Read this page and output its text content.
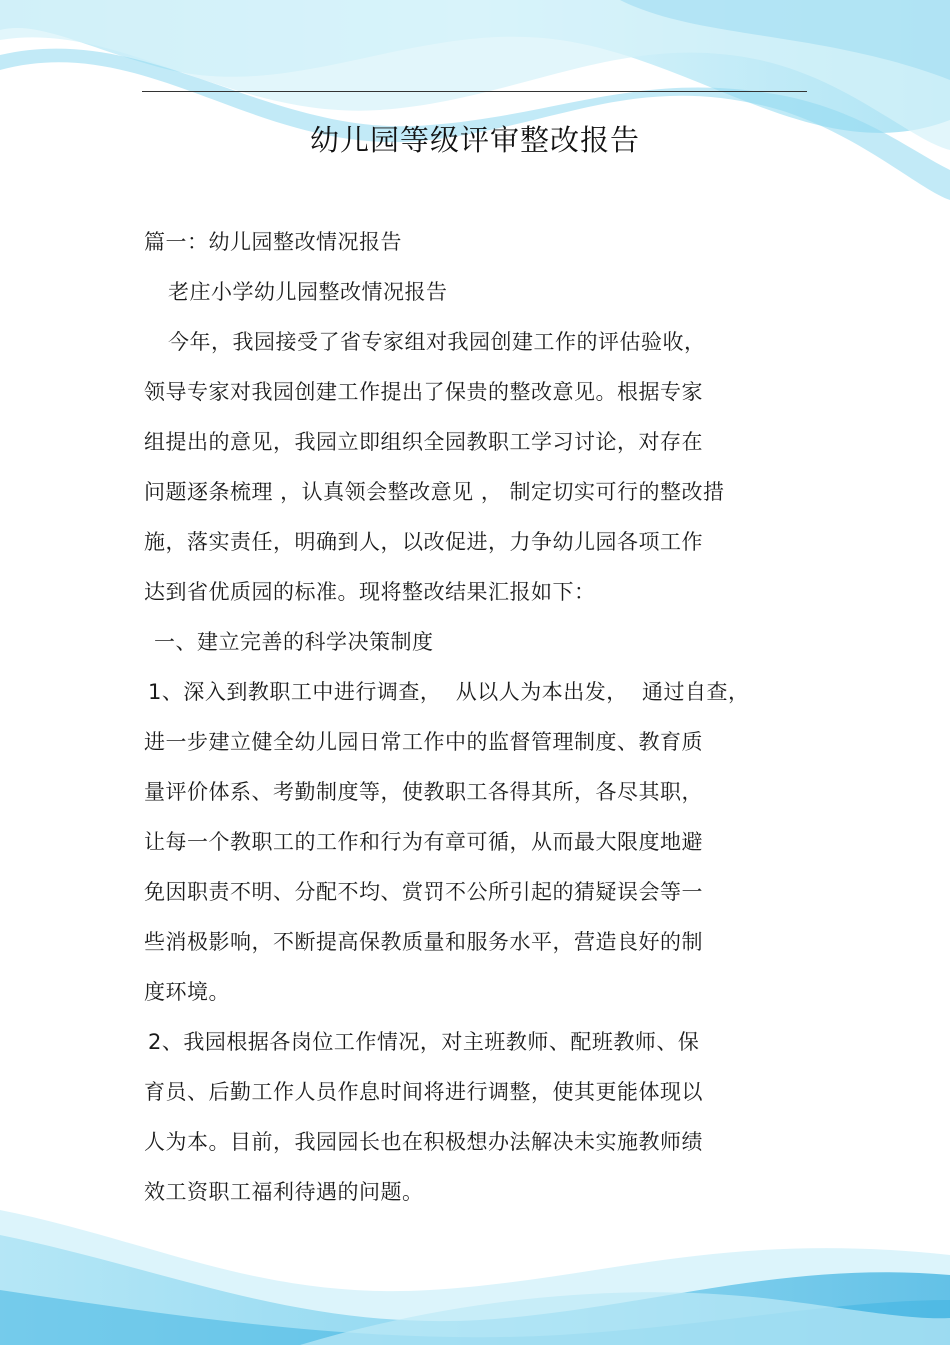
幼儿园等级评审整改报告
篇一：幼儿园整改情况报告
老庄小学幼儿园整改情况报告
今年，我园接受了省专家组对我园创建工作的评估验收，
领导专家对我园创建工作提出了保贵的整改意见。根据专家
组提出的意见，我园立即组织全园教职工学习讨论，对存在
问题逐条梳理 ，认真领会整改意见 ， 制定切实可行的整改措
施，落实责任，明确到人，以改促进，力争幼儿园各项工作
达到省优质园的标准。现将整改结果汇报如下：
一、建立完善的科学决策制度
1、深入到教职工中进行调查，  从以人为本出发，  通过自查，
进一步建立健全幼儿园日常工作中的监督管理制度、教育质
量评价体系、考勤制度等，使教职工各得其所，各尽其职，
让每一个教职工的工作和行为有章可循，从而最大限度地避
免因职责不明、分配不均、赏罚不公所引起的猜疑误会等一
些消极影响，不断提高保教质量和服务水平，营造良好的制
度环境。
2、我园根据各岗位工作情况，对主班教师、配班教师、保
育员、后勤工作人员作息时间将进行调整，使其更能体现以
人为本。目前，我园园长也在积极想办法解决未实施教师绩
效工资职工福利待遇的问题。
